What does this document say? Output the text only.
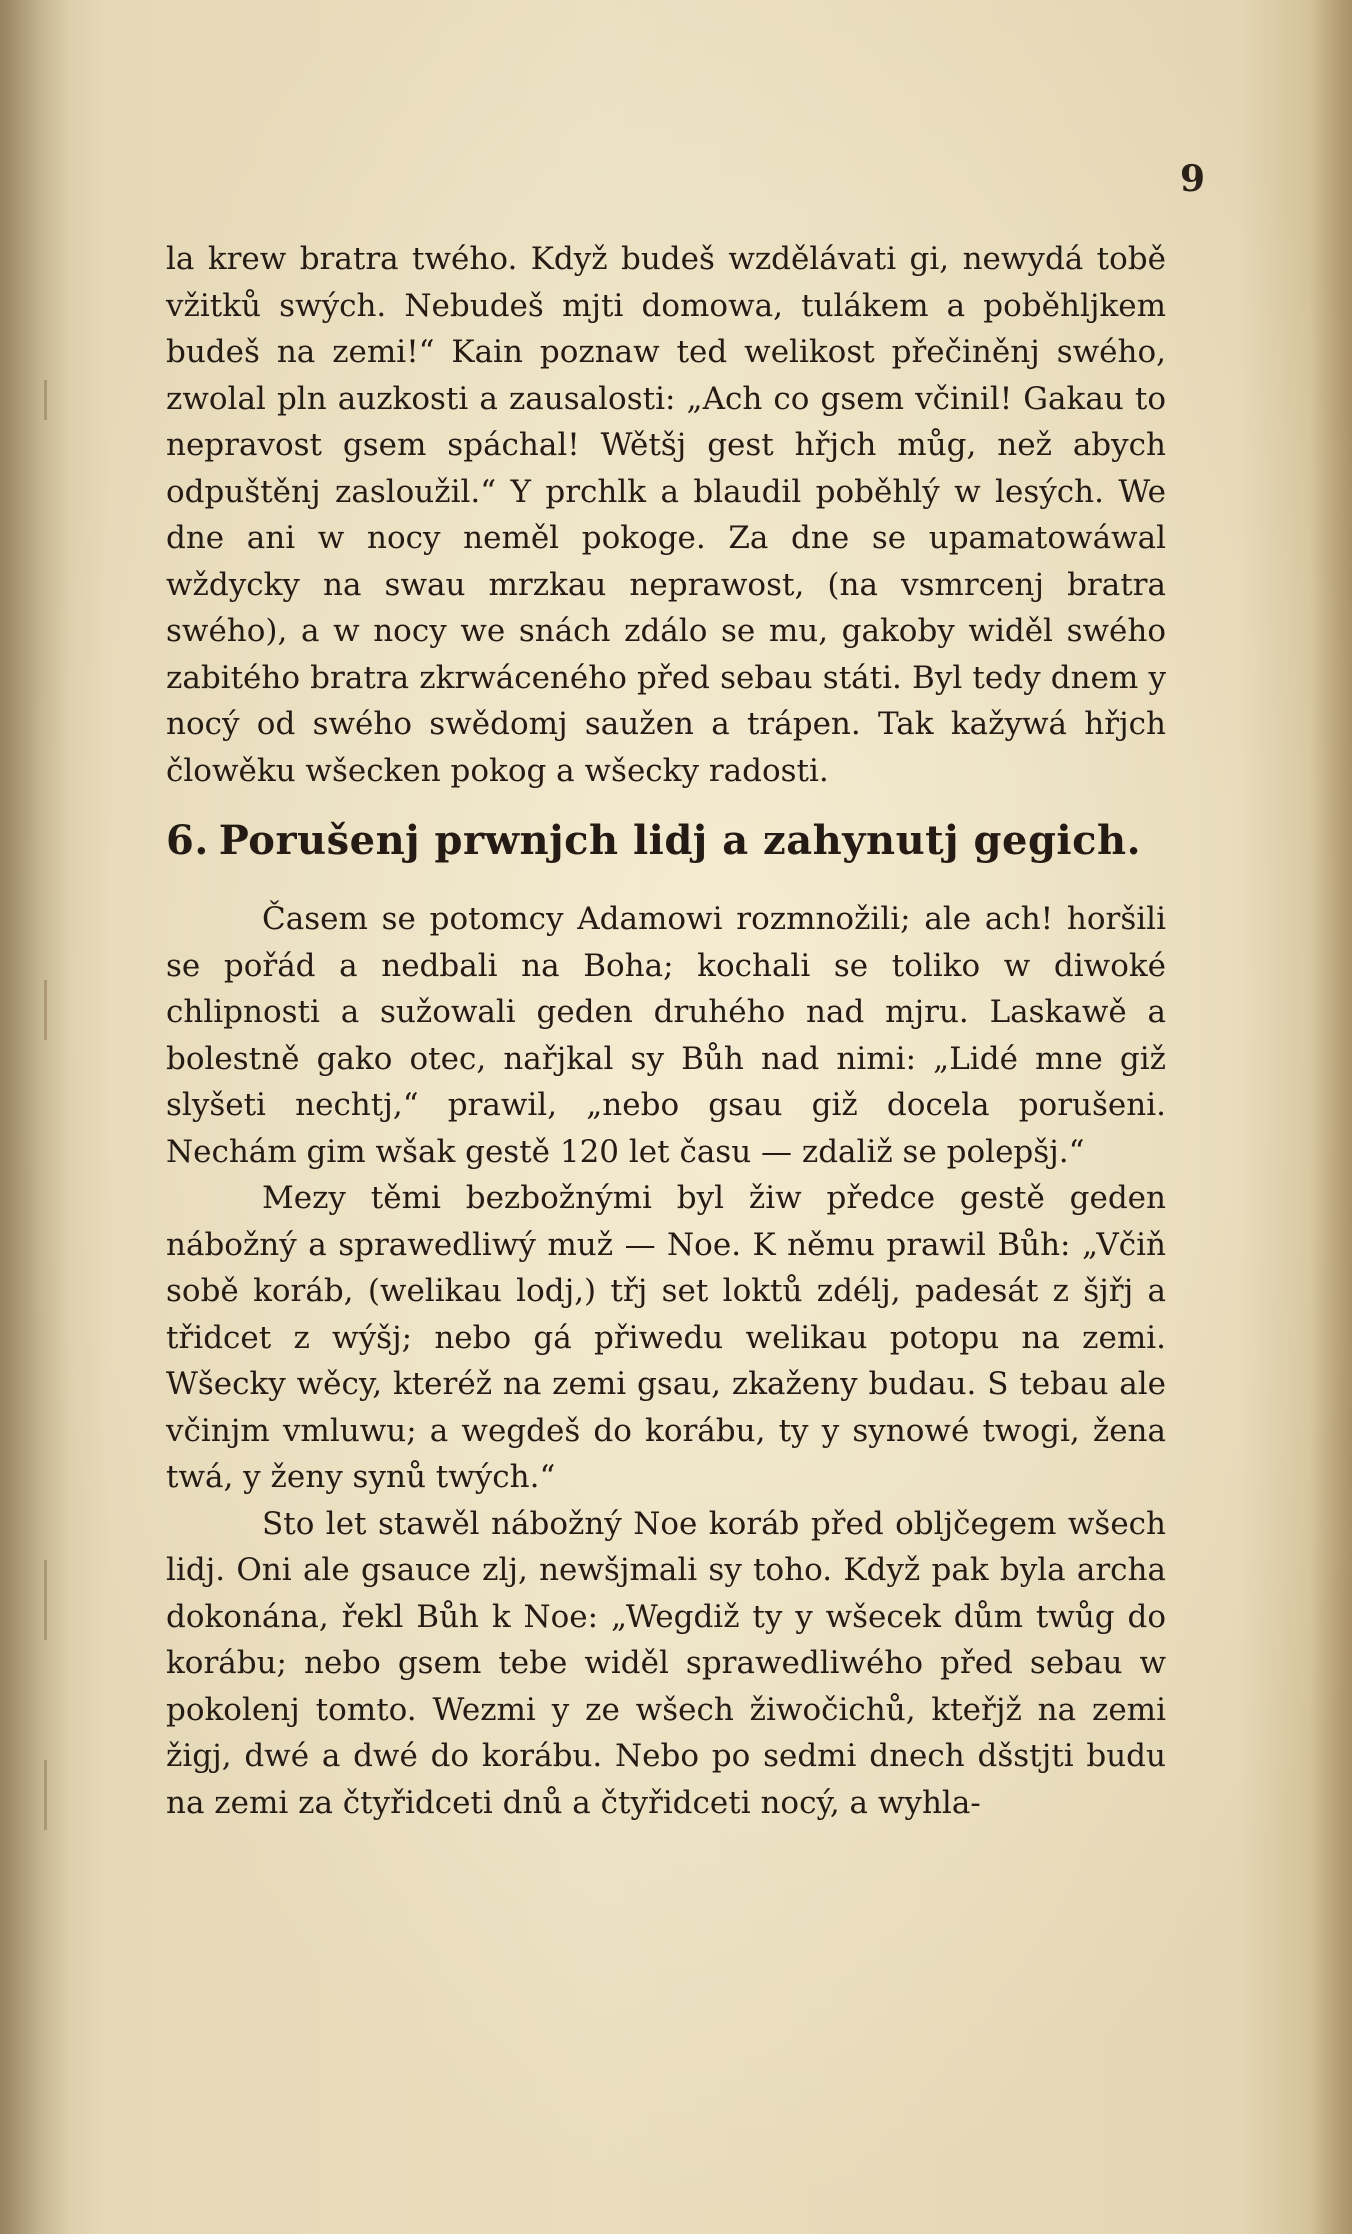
9

la krew bratra twého. Když budeš wzdělávati gi, newydá tobě vžitků swých. Nebudeš mjti domowa, tulákem a poběhljkem budeš na zemi!“ Kain poznaw ted welikost přečiněnj swého, zwolal pln auzkosti a zausalosti: „Ach co gsem včinil! Gakau to nepravost gsem spáchal! Wětšj gest hřjch můg, než abych odpuštěnj zasloužil.“ Y prchlk a blaudil poběhlý w lesých. We dne ani w nocy neměl pokoge. Za dne se upamatowáwal wždycky na swau mrzkau neprawost, (na vsmrcenj bratra swého), a w nocy we snách zdálo se mu, gakoby widěl swého zabitého bratra zkrwáceného před sebau státi. Byl tedy dnem y nocý od swého swědomj saužen a trápen. Tak kažywá hřjch člowěku wšecken pokog a wšecky radosti.

6. Porušenj prwnjch lidj a zahynutj gegich.

Časem se potomcy Adamowi rozmnožili; ale ach! horšili se pořád a nedbali na Boha; kochali se toliko w diwoké chlipnosti a sužowali geden druhého nad mjru. Laskawě a bolestně gako otec, nařjkal sy Bůh nad nimi: „Lidé mne giž slyšeti nechtj,“ prawil, „nebo gsau giž docela porušeni. Nechám gim wšak gestě 120 let času — zdaliž se polepšj.“

Mezy těmi bezbožnými byl žiw předce gestě geden nábožný a sprawedliwý muž — Noe. K němu prawil Bůh: „Včiň sobě koráb, (welikau lodj,) třj set loktů zdélj, padesát z šjřj a třidcet z wýšj; nebo gá přiwedu welikau potopu na zemi. Wšecky wěcy, kteréž na zemi gsau, zkaženy budau. S tebau ale včinjm vmluwu; a wegdeš do korábu, ty y synowé twogi, žena twá, y ženy synů twých.“

Sto let stawěl nábožný Noe koráb před obljčegem wšech lidj. Oni ale gsauce zlj, newšjmali sy toho. Když pak byla archa dokonána, řekl Bůh k Noe: „Wegdiž ty y wšecek dům twůg do korábu; nebo gsem tebe widěl sprawedliwého před sebau w pokolenj tomto. Wezmi y ze wšech žiwočichů, kteřjž na zemi žigj, dwé a dwé do korábu. Nebo po sedmi dnech dšstjti budu na zemi za čtyřidceti dnů a čtyřidceti nocý, a wyhla-
